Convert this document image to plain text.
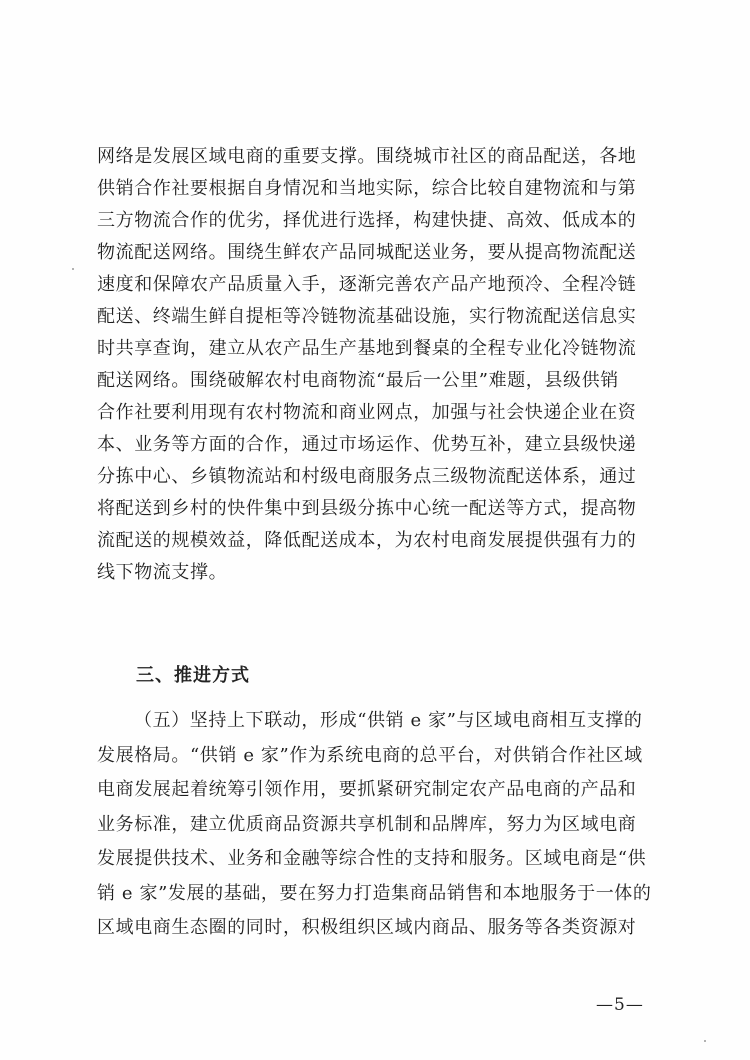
网络是发展区域电商的重要支撑。围绕城市社区的商品配送，各地
供销合作社要根据自身情况和当地实际，综合比较自建物流和与第
三方物流合作的优劣，择优进行选择，构建快捷、高效、低成本的
物流配送网络。围绕生鲜农产品同城配送业务，要从提高物流配送
速度和保障农产品质量入手，逐渐完善农产品产地预冷、全程冷链
配送、终端生鲜自提柜等冷链物流基础设施，实行物流配送信息实
时共享查询，建立从农产品生产基地到餐桌的全程专业化冷链物流
配送网络。围绕破解农村电商物流“最后一公里”难题，县级供销
合作社要利用现有农村物流和商业网点，加强与社会快递企业在资
本、业务等方面的合作，通过市场运作、优势互补，建立县级快递
分拣中心、乡镇物流站和村级电商服务点三级物流配送体系，通过
将配送到乡村的快件集中到县级分拣中心统一配送等方式，提高物
流配送的规模效益，降低配送成本，为农村电商发展提供强有力的
线下物流支撑。
三、推进方式
（五）坚持上下联动，形成“供销 e 家”与区域电商相互支撑的
发展格局。“供销 e 家”作为系统电商的总平台，对供销合作社区域
电商发展起着统筹引领作用，要抓紧研究制定农产品电商的产品和
业务标准，建立优质商品资源共享机制和品牌库，努力为区域电商
发展提供技术、业务和金融等综合性的支持和服务。区域电商是“供
销 e 家”发展的基础，要在努力打造集商品销售和本地服务于一体的
区域电商生态圈的同时，积极组织区域内商品、服务等各类资源对
—5—
